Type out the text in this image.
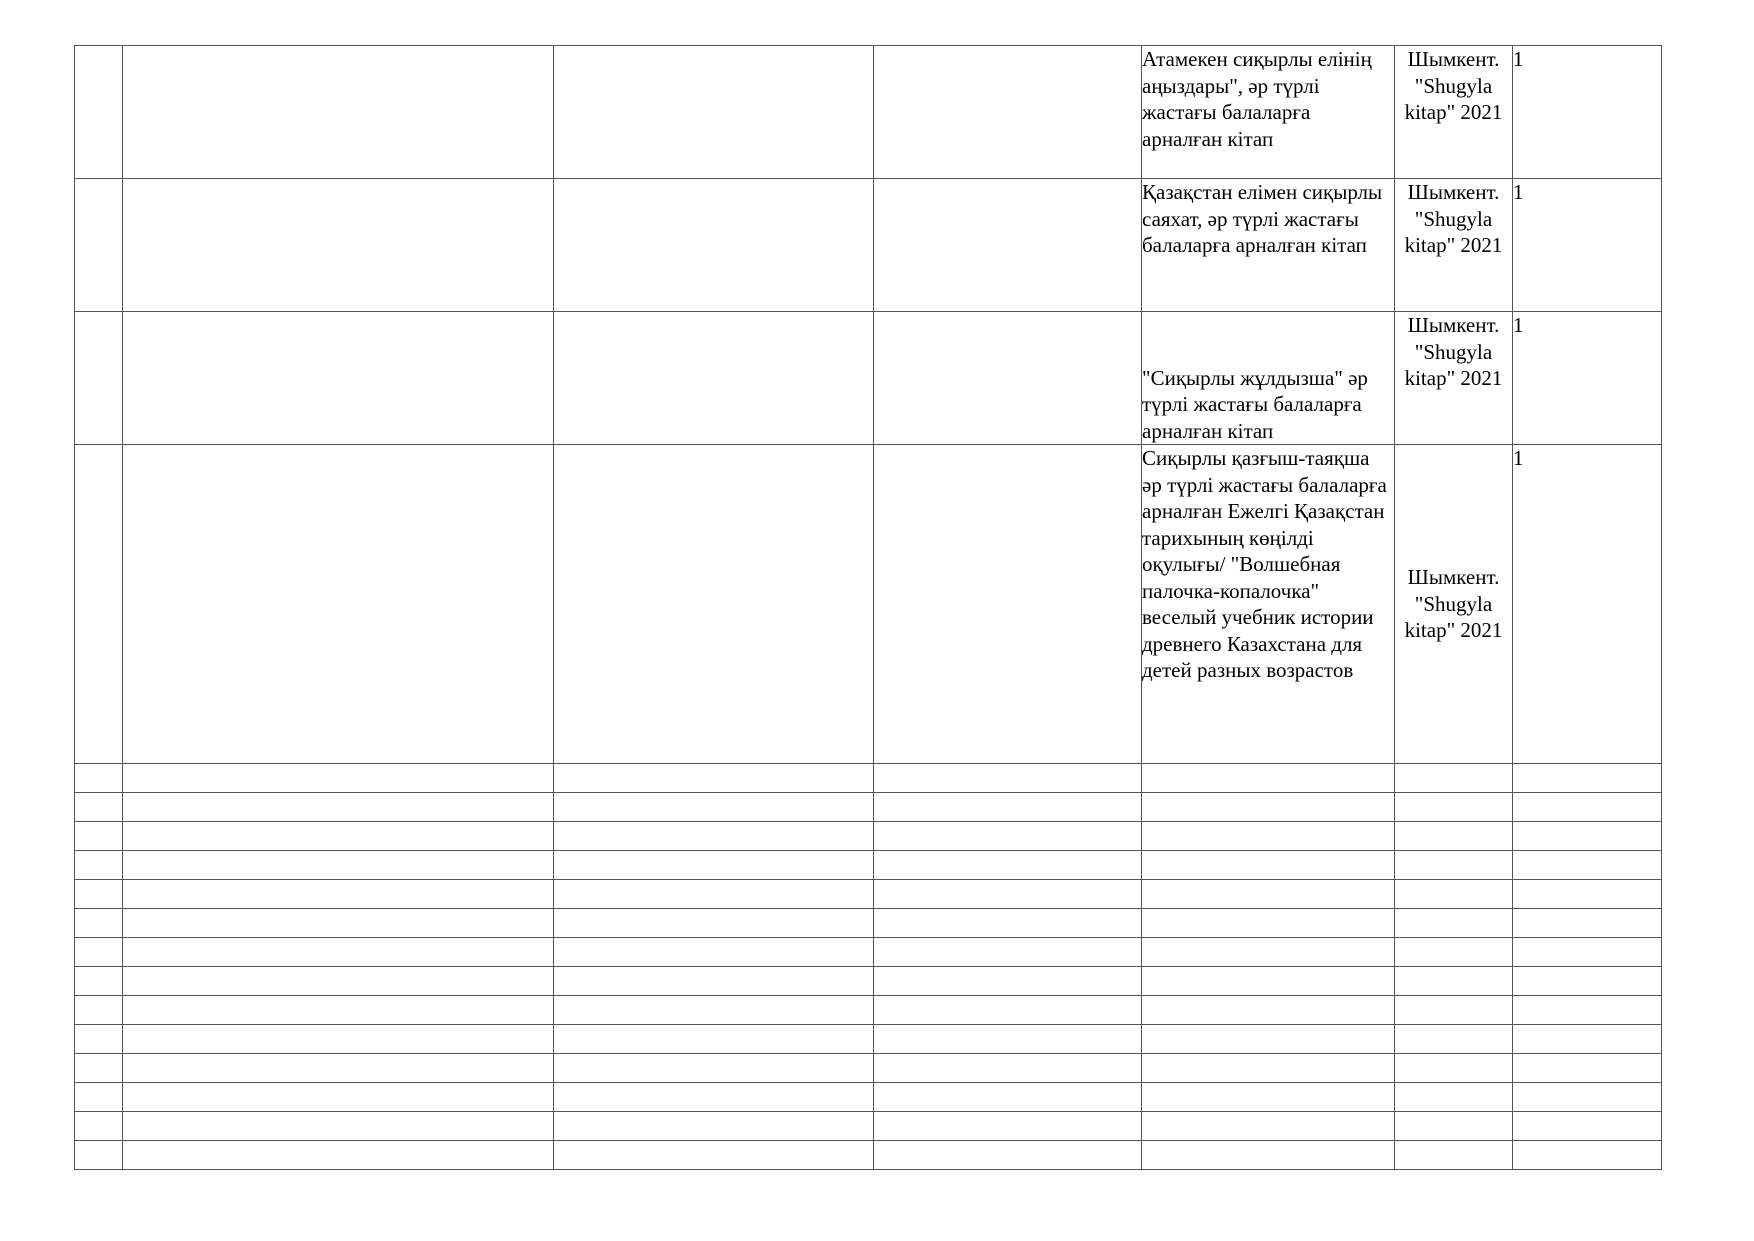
				Атамекен сиқырлы елінің аңыздары", әр түрлі жастағы балаларға арналған кітап	Шымкент. "Shugyla kitap" 2021	1
				Қазақстан елімен сиқырлы саяхат, әр түрлі жастағы балаларға арналған кітап	Шымкент. "Shugyla kitap" 2021	1
				"Сиқырлы жұлдызша" әр түрлі жастағы балаларға арналған кітап	Шымкент. "Shugyla kitap" 2021	1
				Сиқырлы қазғыш-таяқша әр түрлі жастағы балаларға арналған Ежелгі Қазақстан тарихының көңілді оқулығы/ "Волшебная палочка-копалочка" веселый учебник истории древнего Казахстана для детей разных возрастов	Шымкент. "Shugyla kitap" 2021	1
